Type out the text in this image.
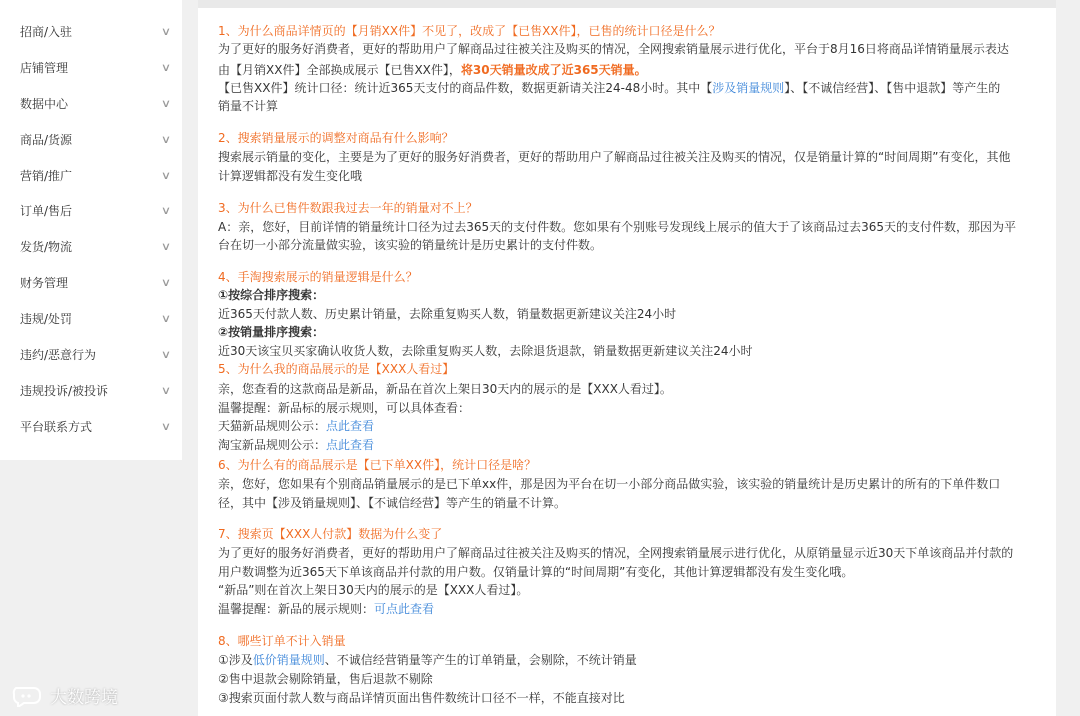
招商/入驻	∨
店铺管理	∨
数据中心	∨
商品/货源	∨
营销/推广	∨
订单/售后	∨
发货/物流	∨
财务管理	∨
违规/处罚	∨
违约/恶意行为	∨
违规投诉/被投诉	∨
平台联系方式	∨
1、为什么商品详情页的【月销XX件】不见了，改成了【已售XX件】，已售的统计口径是什么？
为了更好的服务好消费者，更好的帮助用户了解商品过往被关注及购买的情况，全网搜索销量展示进行优化，平台于8月16日将商品详情销量展示表达
由【月销XX件】全部换成展示【已售XX件】，将30天销量改成了近365天销量。
【已售XX件】统计口径：统计近365天支付的商品件数，数据更新请关注24-48小时。其中【涉及销量规则】、【不诚信经营】、【售中退款】等产生的
销量不计算
2、搜索销量展示的调整对商品有什么影响？
搜索展示销量的变化，主要是为了更好的服务好消费者，更好的帮助用户了解商品过往被关注及购买的情况，仅是销量计算的“时间周期”有变化，其他
计算逻辑都没有发生变化哦
3、为什么已售件数跟我过去一年的销量对不上？
A：亲，您好，目前详情的销量统计口径为过去365天的支付件数。您如果有个别账号发现线上展示的值大于了该商品过去365天的支付件数，那因为平
台在切一小部分流量做实验，该实验的销量统计是历史累计的支付件数。
4、手淘搜索展示的销量逻辑是什么？
①按综合排序搜索：
近365天付款人数、历史累计销量，去除重复购买人数，销量数据更新建议关注24小时
②按销量排序搜索：
近30天该宝贝买家确认收货人数，去除重复购买人数，去除退货退款，销量数据更新建议关注24小时
5、为什么我的商品展示的是【XXX人看过】
亲，您查看的这款商品是新品，新品在首次上架日30天内的展示的是【XXX人看过】。
温馨提醒：新品标的展示规则，可以具体查看：
天猫新品规则公示：点此查看
淘宝新品规则公示：点此查看
6、为什么有的商品展示是【已下单XX件】，统计口径是啥？
亲，您好，您如果有个别商品销量展示的是已下单xx件，那是因为平台在切一小部分商品做实验，该实验的销量统计是历史累计的所有的下单件数口
径，其中【涉及销量规则】、【不诚信经营】等产生的销量不计算。
7、搜索页【XXX人付款】数据为什么变了
为了更好的服务好消费者，更好的帮助用户了解商品过往被关注及购买的情况，全网搜索销量展示进行优化，从原销量显示近30天下单该商品并付款的
用户数调整为近365天下单该商品并付款的用户数。仅销量计算的“时间周期”有变化，其他计算逻辑都没有发生变化哦。
“新品”则在首次上架日30天内的展示的是【XXX人看过】。
温馨提醒：新品的展示规则：可点此查看
8、哪些订单不计入销量
①涉及低价销量规则、不诚信经营销量等产生的订单销量，会剔除，不统计销量
②售中退款会剔除销量，售后退款不剔除
③搜索页面付款人数与商品详情页面出售件数统计口径不一样，不能直接对比
大数跨境
